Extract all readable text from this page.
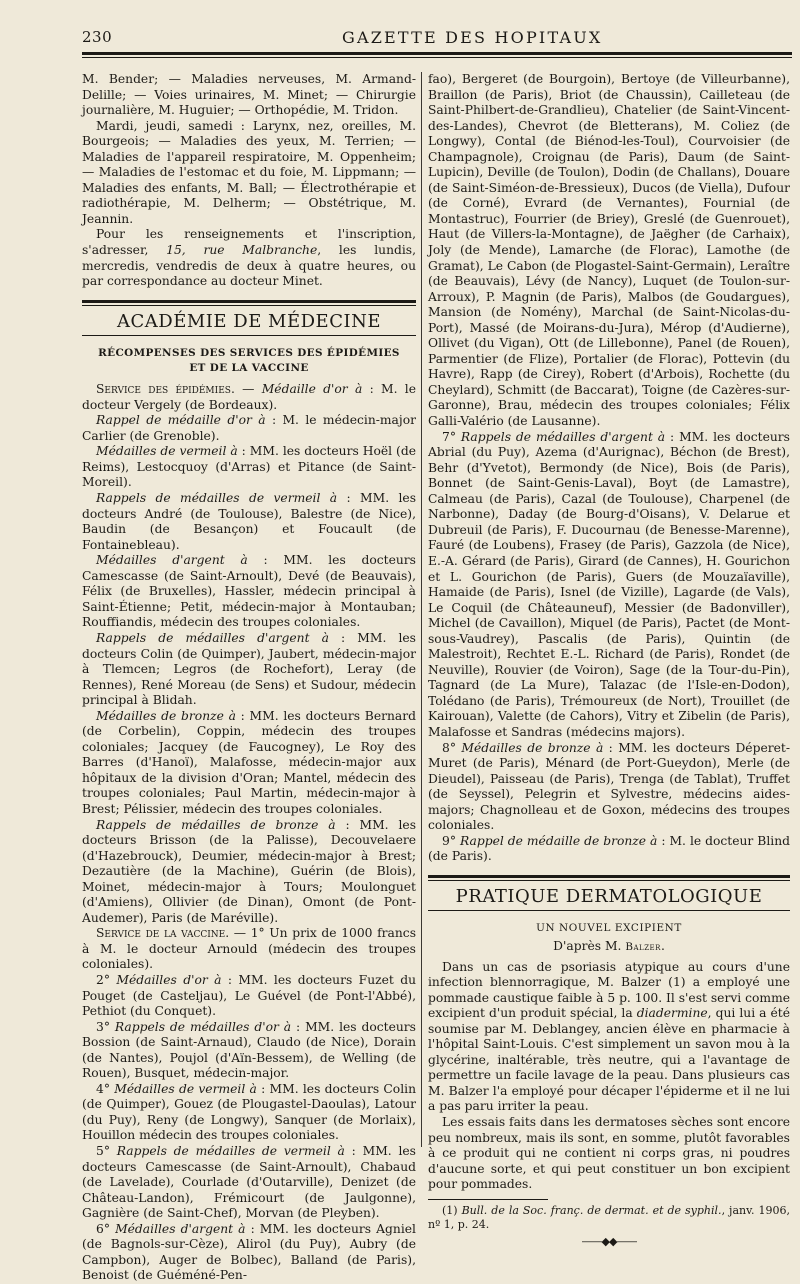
230	GAZETTE DES HOPITAUX

M. Bender; — Maladies nerveuses, M. Armand-Delille; — Voies urinaires, M. Minet; — Chirurgie journalière, M. Huguier; — Orthopédie, M. Tridon.

Mardi, jeudi, samedi : Larynx, nez, oreilles, M. Bourgeois; — Maladies des yeux, M. Terrien; — Maladies de l'appareil respiratoire, M. Oppenheim; — Maladies de l'estomac et du foie, M. Lippmann; — Maladies des enfants, M. Ball; — Électrothérapie et radiothérapie, M. Delherm; — Obstétrique, M. Jeannin.

Pour les renseignements et l'inscription, s'adresser, 15, rue Malbranche, les lundis, mercredis, vendredis de deux à quatre heures, ou par correspondance au docteur Minet.

ACADÉMIE DE MÉDECINE
RÉCOMPENSES DES SERVICES DES ÉPIDÉMIES
ET DE LA VACCINE

Service des épidémies. — Médaille d'or à : M. le docteur Vergely (de Bordeaux).

Rappel de médaille d'or à : M. le médecin-major Carlier (de Grenoble).

Médailles de vermeil à : MM. les docteurs Hoël (de Reims), Lestocquoy (d'Arras) et Pitance (de Saint-Moreil).

Rappels de médailles de vermeil à : MM. les docteurs André (de Toulouse), Balestre (de Nice), Baudin (de Besançon) et Foucault (de Fontainebleau).

Médailles d'argent à : MM. les docteurs Camescasse (de Saint-Arnoult), Devé (de Beauvais), Félix (de Bruxelles), Hassler, médecin principal à Saint-Étienne; Petit, médecin-major à Montauban; Rouffiandis, médecin des troupes coloniales.

Rappels de médailles d'argent à : MM. les docteurs Colin (de Quimper), Jaubert, médecin-major à Tlemcen; Legros (de Rochefort), Leray (de Rennes), René Moreau (de Sens) et Sudour, médecin principal à Blidah.

Médailles de bronze à : MM. les docteurs Bernard (de Corbelin), Coppin, médecin des troupes coloniales; Jacquey (de Faucogney), Le Roy des Barres (d'Hanoï), Malafosse, médecin-major aux hôpitaux de la division d'Oran; Mantel, médecin des troupes coloniales; Paul Martin, médecin-major à Brest; Pélissier, médecin des troupes coloniales.

Rappels de médailles de bronze à : MM. les docteurs Brisson (de la Palisse), Decouvelaere (d'Hazebrouck), Deumier, médecin-major à Brest; Dezautière (de la Machine), Guérin (de Blois), Moinet, médecin-major à Tours; Moulonguet (d'Amiens), Ollivier (de Dinan), Omont (de Pont-Audemer), Paris (de Maréville).

Service de la vaccine. — 1° Un prix de 1000 francs à M. le docteur Arnould (médecin des troupes coloniales).

2° Médailles d'or à : MM. les docteurs Fuzet du Pouget (de Casteljau), Le Guével (de Pont-l'Abbé), Pethiot (du Conquet).

3° Rappels de médailles d'or à : MM. les docteurs Bossion (de Saint-Arnaud), Claudo (de Nice), Dorain (de Nantes), Poujol (d'Aïn-Bessem), de Welling (de Rouen), Busquet, médecin-major.

4° Médailles de vermeil à : MM. les docteurs Colin (de Quimper), Gouez (de Plougastel-Daoulas), Latour (du Puy), Reny (de Longwy), Sanquer (de Morlaix), Houillon médecin des troupes coloniales.

5° Rappels de médailles de vermeil à : MM. les docteurs Camescasse (de Saint-Arnoult), Chabaud (de Lavelade), Courlade (d'Outarville), Denizet (de Château-Landon), Frémicourt (de Jaulgonne), Gagnière (de Saint-Chef), Morvan (de Pleyben).

6° Médailles d'argent à : MM. les docteurs Agniel (de Bagnols-sur-Cèze), Alirol (du Puy), Aubry (de Campbon), Auger de Bolbec), Balland (de Paris), Benoist (de Guéméné-Pen-

fao), Bergeret (de Bourgoin), Bertoye (de Villeurbanne), Braillon (de Paris), Briot (de Chaussin), Cailleteau (de Saint-Philbert-de-Grandlieu), Chatelier (de Saint-Vincent-des-Landes), Chevrot (de Bletterans), M. Coliez (de Longwy), Contal (de Biénod-les-Toul), Courvoisier (de Champagnole), Croignau (de Paris), Daum (de Saint-Lupicin), Deville (de Toulon), Dodin (de Challans), Douare (de Saint-Siméon-de-Bressieux), Ducos (de Viella), Dufour (de Corné), Evrard (de Vernantes), Fournial (de Montastruc), Fourrier (de Briey), Greslé (de Guenrouet), Haut (de Villers-la-Montagne), de Jaëgher (de Carhaix), Joly (de Mende), Lamarche (de Florac), Lamothe (de Gramat), Le Cabon (de Plogastel-Saint-Germain), Leraître (de Beauvais), Lévy (de Nancy), Luquet (de Toulon-sur-Arroux), P. Magnin (de Paris), Malbos (de Goudargues), Mansion (de Nomény), Marchal (de Saint-Nicolas-du-Port), Massé (de Moirans-du-Jura), Mérop (d'Audierne), Ollivet (du Vigan), Ott (de Lillebonne), Panel (de Rouen), Parmentier (de Flize), Portalier (de Florac), Pottevin (du Havre), Rapp (de Cirey), Robert (d'Arbois), Rochette (du Cheylard), Schmitt (de Baccarat), Toigne (de Cazères-sur-Garonne), Brau, médecin des troupes coloniales; Félix Galli-Valério (de Lausanne).

7° Rappels de médailles d'argent à : MM. les docteurs Abrial (du Puy), Azema (d'Aurignac), Béchon (de Brest), Behr (d'Yvetot), Bermondy (de Nice), Bois (de Paris), Bonnet (de Saint-Genis-Laval), Boyt (de Lamastre), Calmeau (de Paris), Cazal (de Toulouse), Charpenel (de Narbonne), Daday (de Bourg-d'Oisans), V. Delarue et Dubreuil (de Paris), F. Ducournau (de Benesse-Marenne), Fauré (de Loubens), Frasey (de Paris), Gazzola (de Nice), E.-A. Gérard (de Paris), Girard (de Cannes), H. Gourichon et L. Gourichon (de Paris), Guers (de Mouzaïaville), Hamaide (de Paris), Isnel (de Vizille), Lagarde (de Vals), Le Coquil (de Châteauneuf), Messier (de Badonviller), Michel (de Cavaillon), Miquel (de Paris), Pactet (de Mont-sous-Vaudrey), Pascalis (de Paris), Quintin (de Malestroit), Rechtet E.-L. Richard (de Paris), Rondet (de Neuville), Rouvier (de Voiron), Sage (de la Tour-du-Pin), Tagnard (de La Mure), Talazac (de l'Isle-en-Dodon), Tolédano (de Paris), Trémoureux (de Nort), Trouillet (de Kairouan), Valette (de Cahors), Vitry et Zibelin (de Paris), Malafosse et Sandras (médecins majors).

8° Médailles de bronze à : MM. les docteurs Déperet-Muret (de Paris), Ménard (de Port-Gueydon), Merle (de Dieudel), Paisseau (de Paris), Trenga (de Tablat), Truffet (de Seyssel), Pelegrin et Sylvestre, médecins aides-majors; Chagnolleau et de Goxon, médecins des troupes coloniales.

9° Rappel de médaille de bronze à : M. le docteur Blind (de Paris).

PRATIQUE DERMATOLOGIQUE
UN NOUVEL EXCIPIENT
D'après M. Balzer.

Dans un cas de psoriasis atypique au cours d'une infection blennorragique, M. Balzer (1) a employé une pommade caustique faible à 5 p. 100. Il s'est servi comme excipient d'un produit spécial, la diadermine, qui lui a été soumise par M. Deblangey, ancien élève en pharmacie à l'hôpital Saint-Louis. C'est simplement un savon mou à la glycérine, inaltérable, très neutre, qui a l'avantage de permettre un facile lavage de la peau. Dans plusieurs cas M. Balzer l'a employé pour décaper l'épiderme et il ne lui a pas paru irriter la peau.

Les essais faits dans les dermatoses sèches sont encore peu nombreux, mais ils sont, en somme, plutôt favorables à ce produit qui ne contient ni corps gras, ni poudres d'aucune sorte, et qui peut constituer un bon excipient pour pommades.

(1) Bull. de la Soc. franç. de dermat. et de syphil., janv. 1906, nº 1, p. 24.

——◆◆——
